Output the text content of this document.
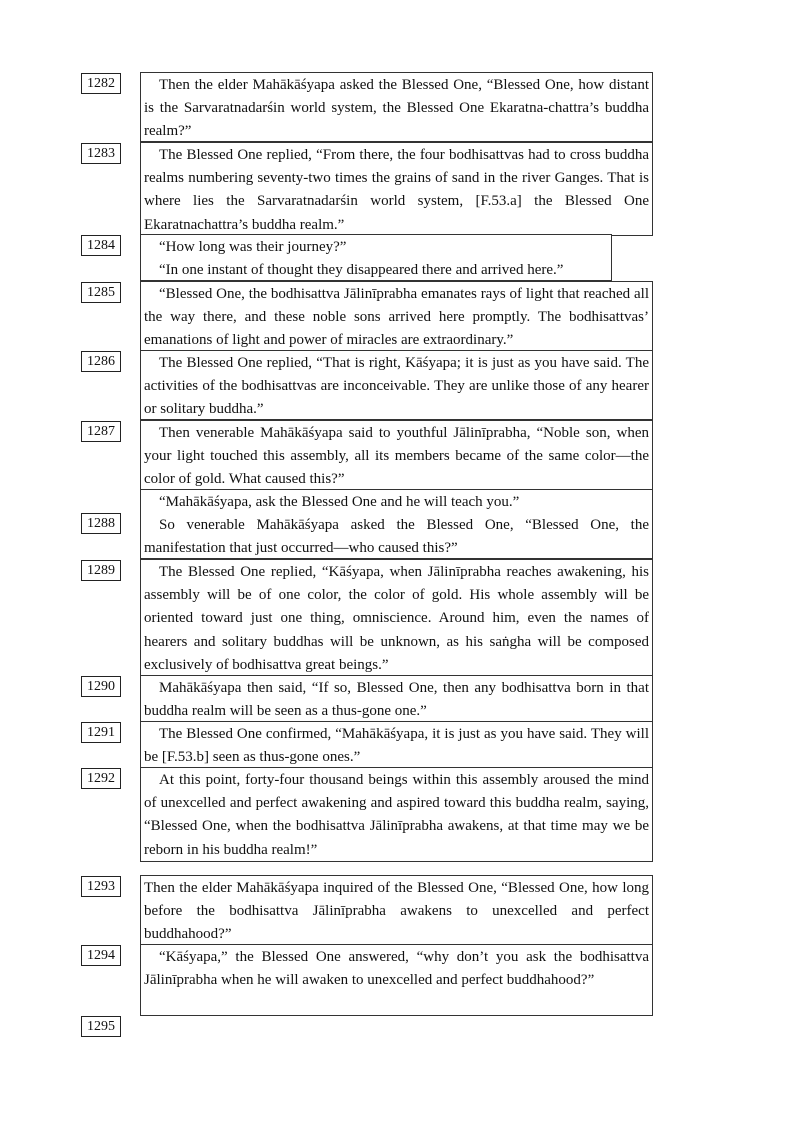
1282
1283
1284
1285
1286
1287
1288
1289
1290
1291
1292
1293
1294
1295

Then the elder Mahākāśyapa asked the Blessed One, “Blessed One, how distant is the Sarvaratnadarśin world system, the Blessed One Ekaratna-chattra’s buddha realm?”

The Blessed One replied, “From there, the four bodhisattvas had to cross buddha realms numbering seventy-two times the grains of sand in the river Ganges. That is where lies the Sarvaratnadarśin world system, [F.53.a] the Blessed One Ekaratnachattra’s buddha realm.”

“How long was their journey?”

“In one instant of thought they disappeared there and arrived here.”

“Blessed One, the bodhisattva Jālinīprabha emanates rays of light that reached all the way there, and these noble sons arrived here promptly. The bodhisattvas’ emanations of light and power of miracles are extraordinary.”

The Blessed One replied, “That is right, Kāśyapa; it is just as you have said. The activities of the bodhisattvas are inconceivable. They are unlike those of any hearer or solitary buddha.”

Then venerable Mahākāśyapa said to youthful Jālinīprabha, “Noble son, when your light touched this assembly, all its members became of the same color—the color of gold. What caused this?”

“Mahākāśyapa, ask the Blessed One and he will teach you.”

So venerable Mahākāśyapa asked the Blessed One, “Blessed One, the manifestation that just occurred—who caused this?”

The Blessed One replied, “Kāśyapa, when Jālinīprabha reaches awakening, his assembly will be of one color, the color of gold. His whole assembly will be oriented toward just one thing, omniscience. Around him, even the names of hearers and solitary buddhas will be unknown, as his saṅgha will be composed exclusively of bodhisattva great beings.”

Mahākāśyapa then said, “If so, Blessed One, then any bodhisattva born in that buddha realm will be seen as a thus-gone one.”

The Blessed One confirmed, “Mahākāśyapa, it is just as you have said. They will be [F.53.b] seen as thus-gone ones.”

At this point, forty-four thousand beings within this assembly aroused the mind of unexcelled and perfect awakening and aspired toward this buddha realm, saying, “Blessed One, when the bodhisattva Jālinīprabha awakens, at that time may we be reborn in his buddha realm!”

Then the elder Mahākāśyapa inquired of the Blessed One, “Blessed One, how long before the bodhisattva Jālinīprabha awakens to unexcelled and perfect buddhahood?”

“Kāśyapa,” the Blessed One answered, “why don’t you ask the bodhisattva Jālinīprabha when he will awaken to unexcelled and perfect buddhahood?”
